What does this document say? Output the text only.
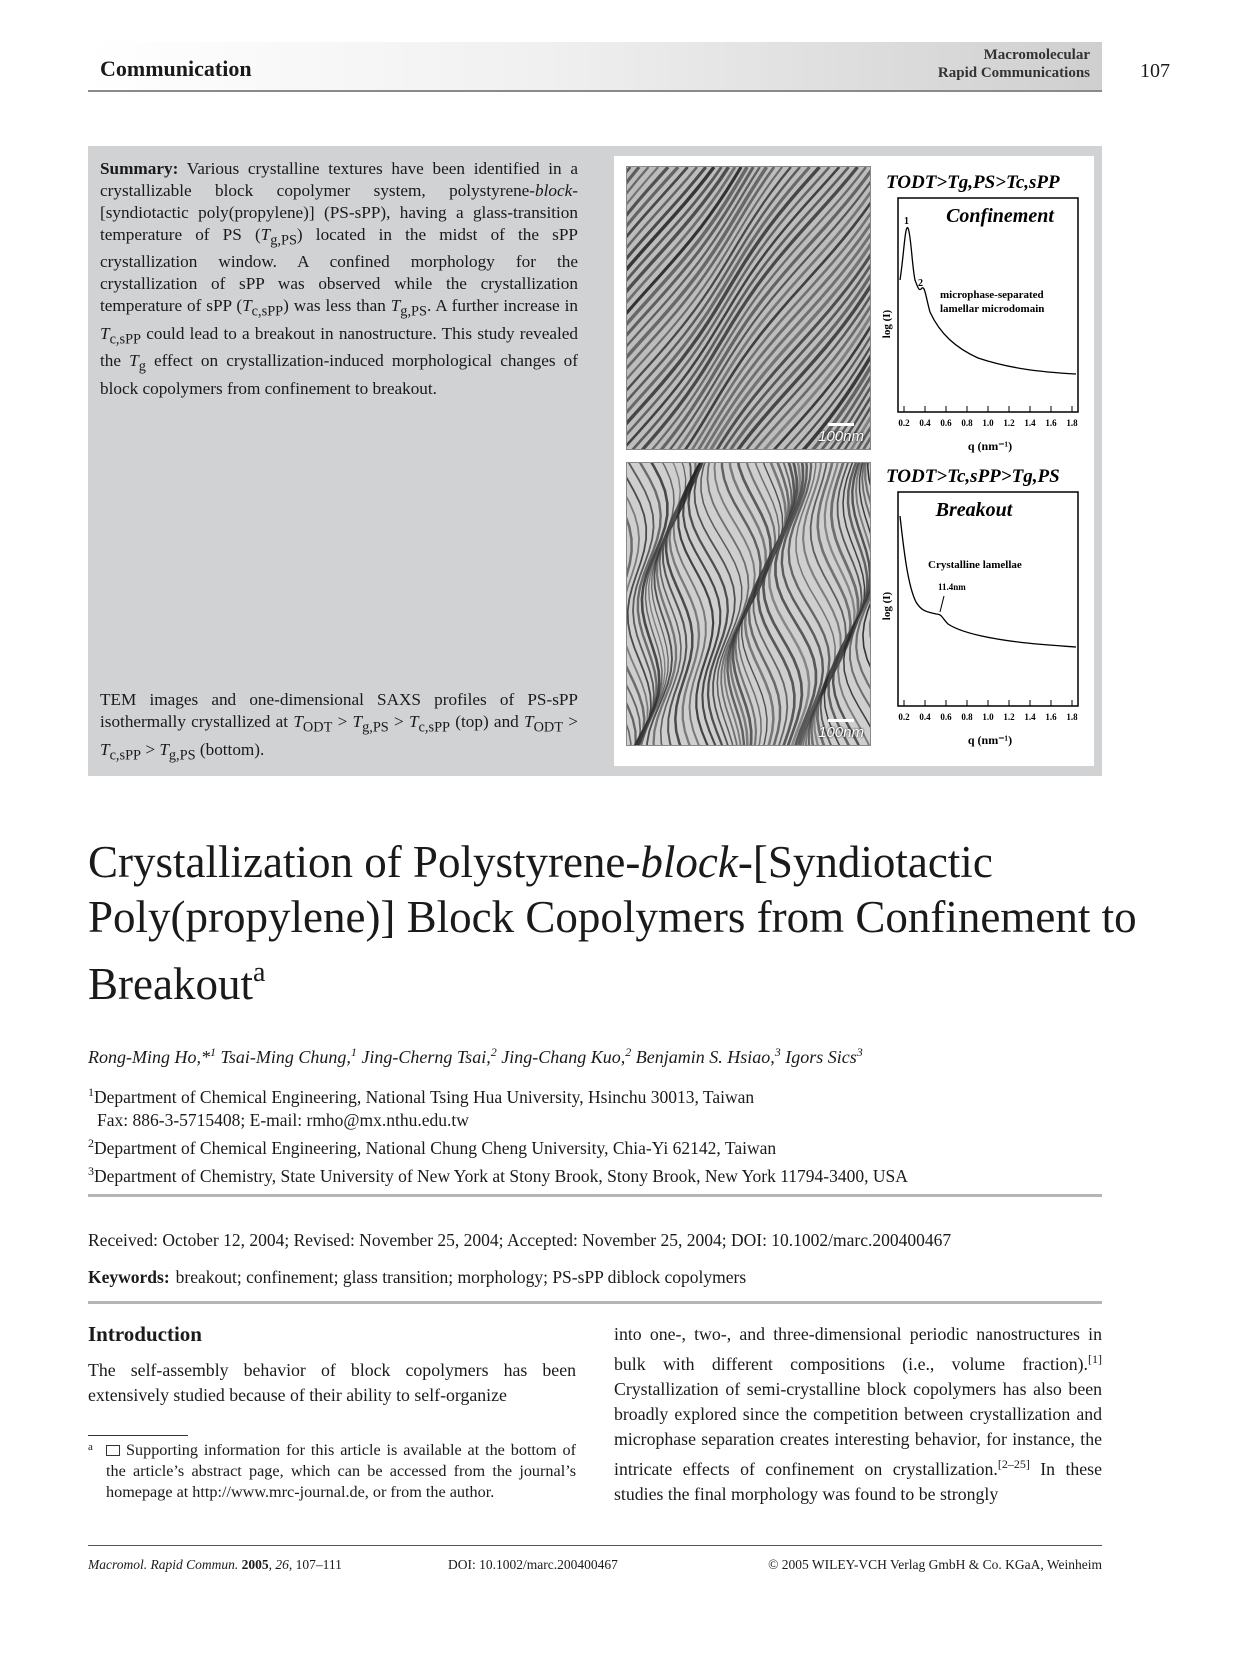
Communication
Macromolecular
Rapid Communications	107
Summary: Various crystalline textures have been identified in a crystallizable block copolymer system, polystyrene-block-[syndiotactic poly(propylene)] (PS-sPP), having a glass-transition temperature of PS $(T_{g,PS})$ located in the midst of the sPP crystallization window. A confined morphology for the crystallization of sPP was observed while the crystallization temperature of sPP $(T_{c,sPP})$ was less than $T_{g,PS}$. A further increase in $T_{c,sPP}$ could lead to a breakout in nanostructure. This study revealed the $T_g$ effect on crystallization-induced morphological changes of block copolymers from confinement to breakout.
TEM images and one-dimensional SAXS profiles of PS-sPP isothermally crystallized at $T_{ODT} > T_{g,PS} > T_{c,sPP}$ (top) and $T_{ODT} > T_{c,sPP} > T_{g,PS}$ (bottom).
100nm
TODT>Tg,PS>Tc,sPP
Confinement
1
2
microphase-separated
lamellar microdomain
log (I)
0.2 0.4 0.6 0.8 1.0 1.2 1.4 1.6 1.8
q (nm⁻¹)
100nm
TODT>Tc,sPP>Tg,PS
Breakout
Crystalline lamellae
11.4nm
log (I)
0.2 0.4 0.6 0.8 1.0 1.2 1.4 1.6 1.8
q (nm⁻¹)
Crystallization of Polystyrene-block-[Syndiotactic Poly(propylene)] Block Copolymers from Confinement to Breakout$^a$
Rong-Ming Ho,*$^1$ Tsai-Ming Chung,$^1$ Jing-Cherng Tsai,$^2$ Jing-Chang Kuo,$^2$ Benjamin S. Hsiao,$^3$ Igors Sics$^3$
$^1$Department of Chemical Engineering, National Tsing Hua University, Hsinchu 30013, Taiwan
Fax: 886-3-5715408; E-mail: rmho@mx.nthu.edu.tw
$^2$Department of Chemical Engineering, National Chung Cheng University, Chia-Yi 62142, Taiwan
$^3$Department of Chemistry, State University of New York at Stony Brook, Stony Brook, New York 11794-3400, USA
Received: October 12, 2004; Revised: November 25, 2004; Accepted: November 25, 2004; DOI: 10.1002/marc.200400467
Keywords: breakout; confinement; glass transition; morphology; PS-sPP diblock copolymers
Introduction
The self-assembly behavior of block copolymers has been extensively studied because of their ability to self-organize
into one-, two-, and three-dimensional periodic nanostructures in bulk with different compositions (i.e., volume fraction).[1] Crystallization of semi-crystalline block copolymers has also been broadly explored since the competition between crystallization and microphase separation creates interesting behavior, for instance, the intricate effects of confinement on crystallization.[2–25] In these studies the final morphology was found to be strongly
a Supporting information for this article is available at the bottom of the article’s abstract page, which can be accessed from the journal’s homepage at http://www.mrc-journal.de, or from the author.
Macromol. Rapid Commun. 2005, 26, 107–111	DOI: 10.1002/marc.200400467	© 2005 WILEY-VCH Verlag GmbH & Co. KGaA, Weinheim
